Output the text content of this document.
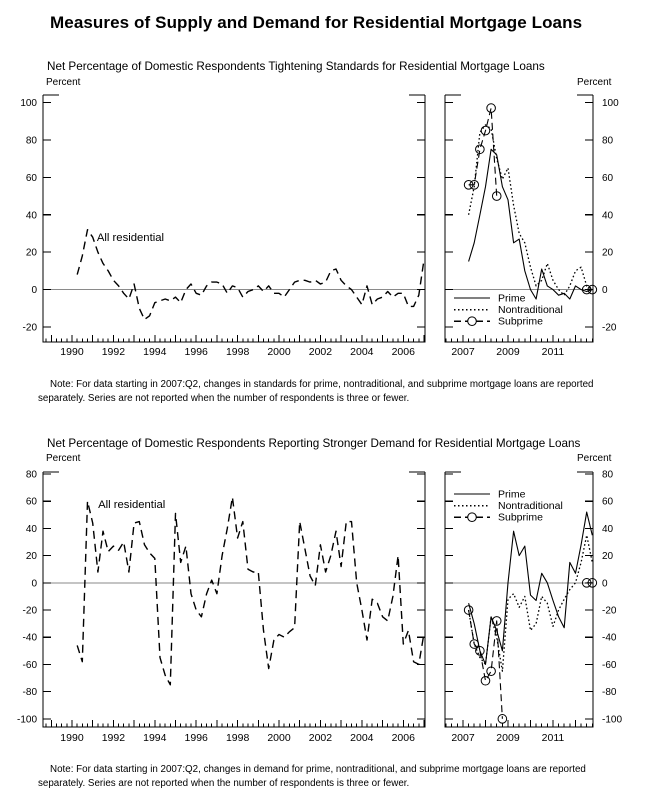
Measures of Supply and Demand for Residential Mortgage Loans
Net Percentage of Domestic Respondents Tightening Standards for Residential Mortgage Loans
Percent	Percent
100
80
60
40
20
0
-20
1990 1992 1994 1996 1998 2000 2002 2004 2006
All residential
100
80
60
40
20
0
-20
2007 2009 2011
Prime
Nontraditional
Subprime
Note: For data starting in 2007:Q2, changes in standards for prime, nontraditional, and subprime mortgage loans are reported separately. Series are not reported when the number of respondents is three or fewer.
Net Percentage of Domestic Respondents Reporting Stronger Demand for Residential Mortgage Loans
Percent	Percent
80
60
40
20
0
-20
-40
-60
-80
-100
1990 1992 1994 1996 1998 2000 2002 2004 2006
All residential
80
60
40
20
0
-20
-40
-60
-80
-100
2007 2009 2011
Prime
Nontraditional
Subprime
Note: For data starting in 2007:Q2, changes in demand for prime, nontraditional, and subprime mortgage loans are reported separately. Series are not reported when the number of respondents is three or fewer.
